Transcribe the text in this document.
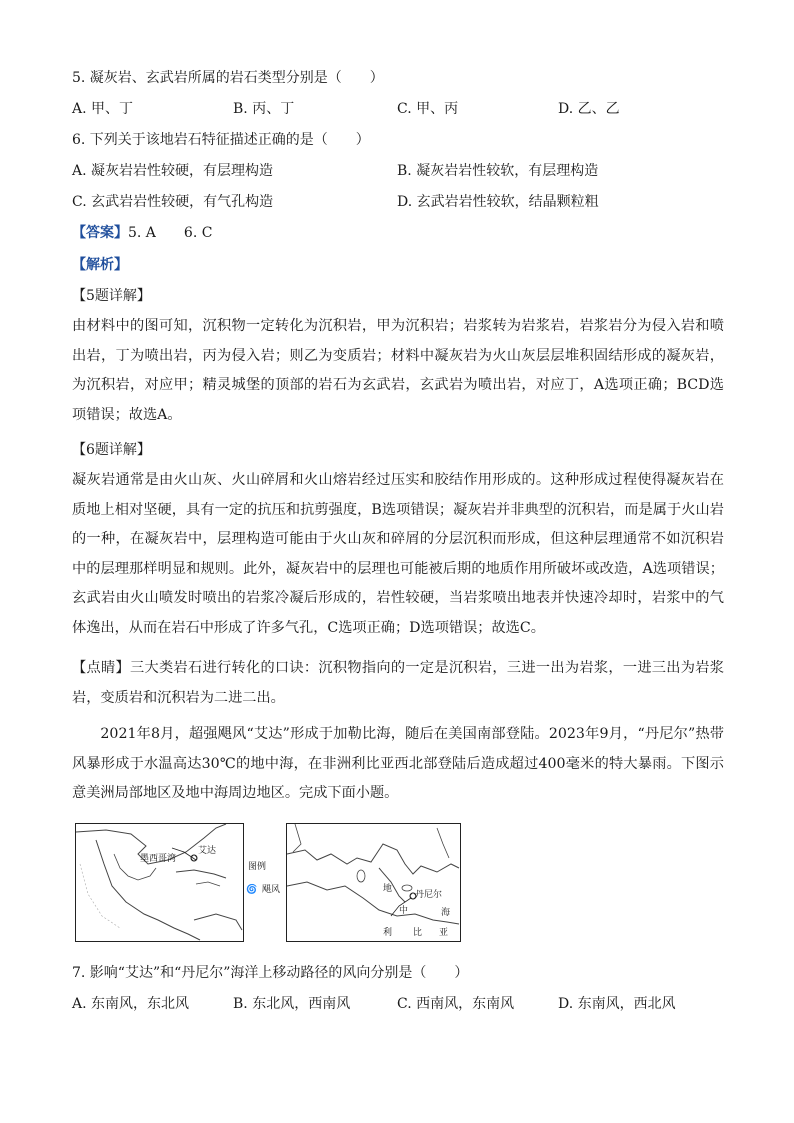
5. 凝灰岩、玄武岩所属的岩石类型分别是（　　）
A. 甲、丁	B. 丙、丁	C. 甲、丙	D. 乙、乙
6. 下列关于该地岩石特征描述正确的是（　　）
A. 凝灰岩岩性较硬，有层理构造	B. 凝灰岩岩性较软，有层理构造
C. 玄武岩岩性较硬，有气孔构造	D. 玄武岩岩性较软，结晶颗粒粗
【答案】5. A　　6. C
【解析】
【5题详解】
由材料中的图可知，沉积物一定转化为沉积岩，甲为沉积岩；岩浆转为岩浆岩，岩浆岩分为侵入岩和喷出岩，丁为喷出岩，丙为侵入岩；则乙为变质岩；材料中凝灰岩为火山灰层层堆积固结形成的凝灰岩，为沉积岩，对应甲；精灵城堡的顶部的岩石为玄武岩，玄武岩为喷出岩，对应丁，A选项正确；BCD选项错误；故选A。
【6题详解】
凝灰岩通常是由火山灰、火山碎屑和火山熔岩经过压实和胶结作用形成的。这种形成过程使得凝灰岩在质地上相对坚硬，具有一定的抗压和抗剪强度，B选项错误；凝灰岩并非典型的沉积岩，而是属于火山岩的一种，在凝灰岩中，层理构造可能由于火山灰和碎屑的分层沉积而形成，但这种层理通常不如沉积岩中的层理那样明显和规则。此外，凝灰岩中的层理也可能被后期的地质作用所破坏或改造，A选项错误；玄武岩由火山喷发时喷出的岩浆冷凝后形成的，岩性较硬，当岩浆喷出地表并快速冷却时，岩浆中的气体逸出，从而在岩石中形成了许多气孔，C选项正确；D选项错误；故选C。
【点睛】三大类岩石进行转化的口诀：沉积物指向的一定是沉积岩，三进一出为岩浆，一进三出为岩浆岩，变质岩和沉积岩为二进二出。
2021年8月，超强飓风“艾达”形成于加勒比海，随后在美国南部登陆。2023年9月，“丹尼尔”热带风暴形成于水温高达30℃的地中海，在非洲利比亚西北部登陆后造成超过400毫米的特大暴雨。下图示意美洲局部地区及地中海周边地区。完成下面小题。
墨西哥湾
艾达
图例
🌀 飓风	地
中	海
利 比 亚
丹尼尔
7. 影响“艾达”和“丹尼尔”海洋上移动路径的风向分别是（　　）
A. 东南风，东北风	B. 东北风，西南风	C. 西南风，东南风	D. 东南风，西北风
